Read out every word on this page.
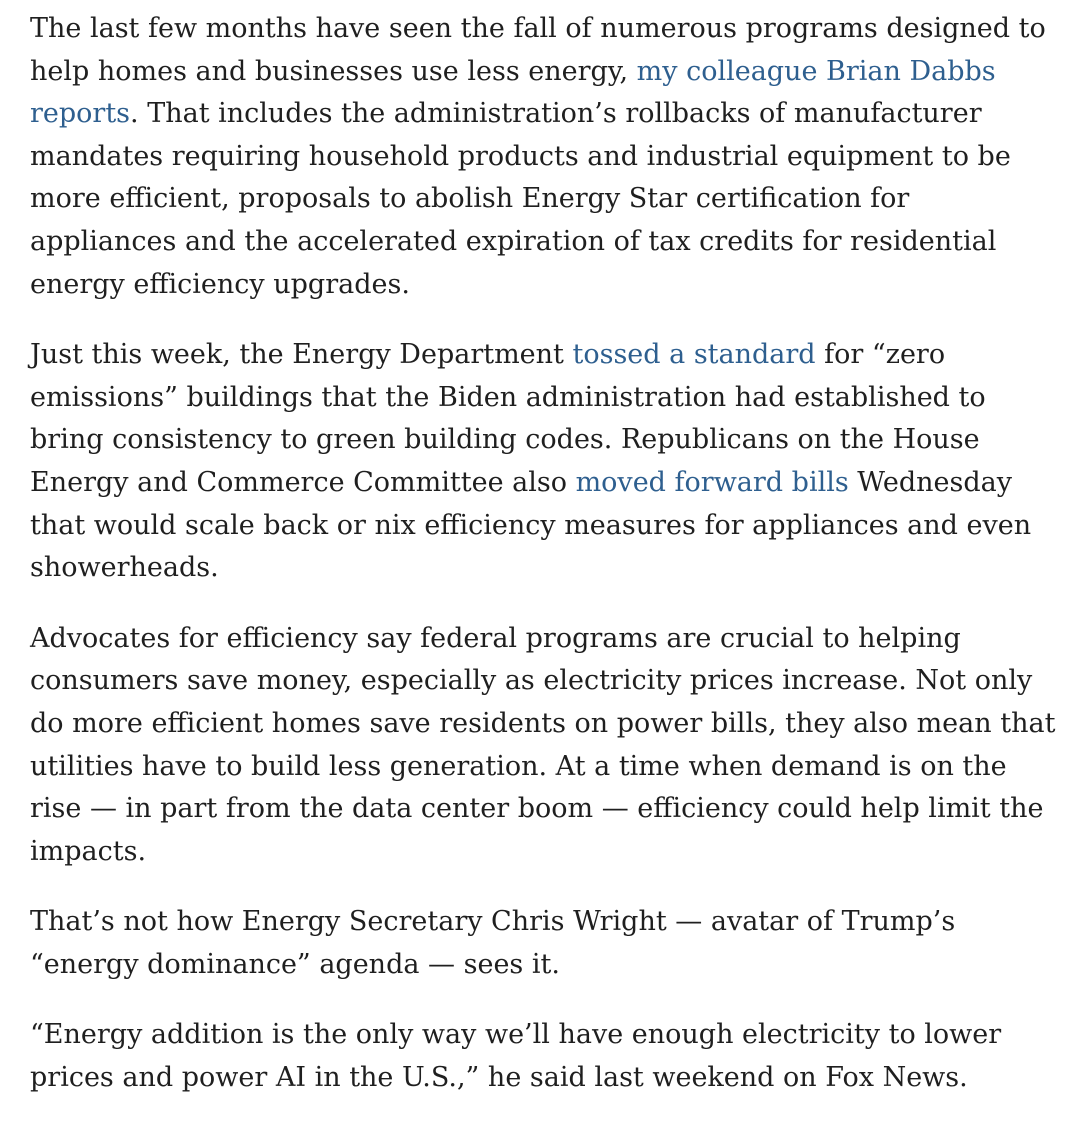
The last few months have seen the fall of numerous programs designed to help homes and businesses use less energy, my colleague Brian Dabbs reports. That includes the administration’s rollbacks of manufacturer mandates requiring household products and industrial equipment to be more efficient, proposals to abolish Energy Star certification for appliances and the accelerated expiration of tax credits for residential energy efficiency upgrades.

Just this week, the Energy Department tossed a standard for “zero emissions” buildings that the Biden administration had established to bring consistency to green building codes. Republicans on the House Energy and Commerce Committee also moved forward bills Wednesday that would scale back or nix efficiency measures for appliances and even showerheads.

Advocates for efficiency say federal programs are crucial to helping consumers save money, especially as electricity prices increase. Not only do more efficient homes save residents on power bills, they also mean that utilities have to build less generation. At a time when demand is on the rise — in part from the data center boom — efficiency could help limit the impacts.

That’s not how Energy Secretary Chris Wright — avatar of Trump’s “energy dominance” agenda — sees it.

“Energy addition is the only way we’ll have enough electricity to lower prices and power AI in the U.S.,” he said last weekend on Fox News.
